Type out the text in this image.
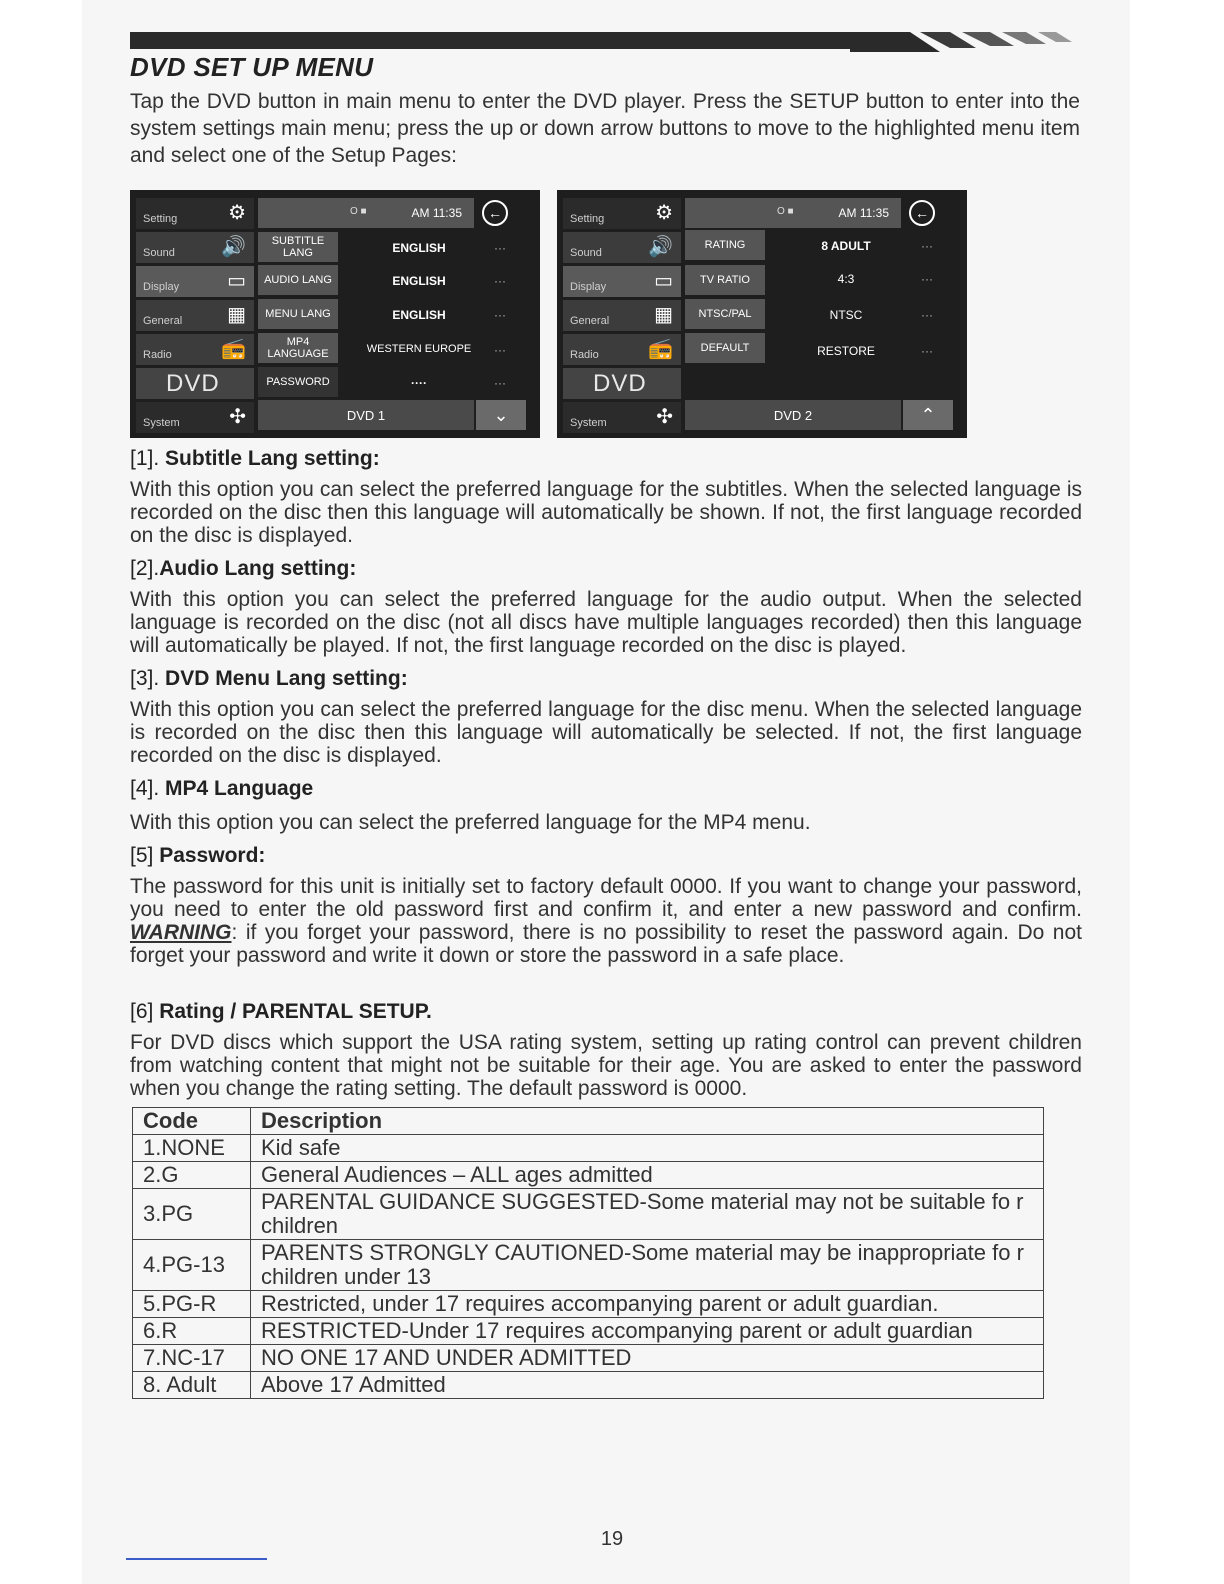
DVD SET UP MENU
Tap the DVD button in main menu to enter the DVD player. Press the SETUP button to enter into the system settings main menu; press the up or down arrow buttons to move to the highlighted menu item and select one of the Setup Pages:
Setting	⚙
Sound 🔊
Display ▭
General ▦
Radio 📻
DVD
System ✣
O ■	AM 11:35	←
SUBTITLE LANG	ENGLISH	···
AUDIO LANG	ENGLISH	···
MENU LANG	ENGLISH	···
MP4 LANGUAGE	WESTERN EUROPE	···
PASSWORD	····	···
DVD 1	⌄
Setting	⚙
Sound 🔊
Display ▭
General ▦
Radio 📻
DVD
System ✣
O ■	AM 11:35	←
RATING	8 ADULT	···
TV RATIO	4:3	···
NTSC/PAL	NTSC	···
DEFAULT	RESTORE	···
DVD 2	⌃
[1]. Subtitle Lang setting:
With this option you can select the preferred language for the subtitles. When the selected language is recorded on the disc then this language will automatically be shown. If not, the first language recorded on the disc is displayed.
[2].Audio Lang setting:
With this option you can select the preferred language for the audio output. When the selected language is recorded on the disc (not all discs have multiple languages recorded) then this language will automatically be played. If not, the first language recorded on the disc is played.
[3]. DVD Menu Lang setting:
With this option you can select the preferred language for the disc menu. When the selected language is recorded on the disc then this language will automatically be selected. If not, the first language recorded on the disc is displayed.
[4]. MP4 Language
With this option you can select the preferred language for the MP4 menu.
[5] Password:
The password for this unit is initially set to factory default 0000. If you want to change your password, you need to enter the old password first and confirm it, and enter a new password and confirm. WARNING: if you forget your password, there is no possibility to reset the password again. Do not forget your password and write it down or store the password in a safe place.
[6] Rating / PARENTAL SETUP.
For DVD discs which support the USA rating system, setting up rating control can prevent children from watching content that might not be suitable for their age. You are asked to enter the password when you change the rating setting. The default password is 0000.
Code	Description
1.NONE	Kid safe
2.G	General Audiences – ALL ages admitted
3.PG	PARENTAL GUIDANCE SUGGESTED-Some material may not be suitable fo r children
4.PG-13	PARENTS STRONGLY CAUTIONED-Some material may be inappropriate fo r children under 13
5.PG-R	Restricted, under 17 requires accompanying parent or adult guardian.
6.R	RESTRICTED-Under 17 requires accompanying parent or adult guardian
7.NC-17	NO ONE 17 AND UNDER ADMITTED
8. Adult	Above 17 Admitted
19
